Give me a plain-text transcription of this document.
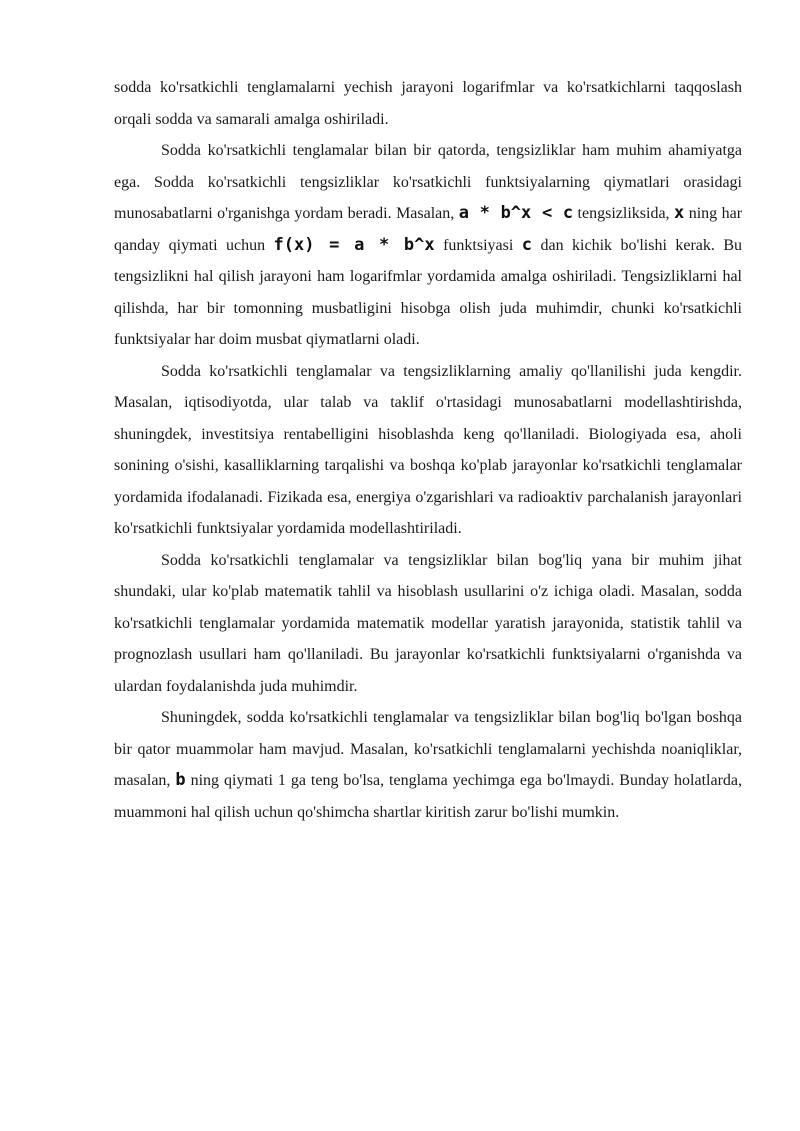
sodda ko'rsatkichli tenglamalarni yechish jarayoni logarifmlar va ko'rsatkichlarni taqqoslash orqali sodda va samarali amalga oshiriladi.

Sodda ko'rsatkichli tenglamalar bilan bir qatorda, tengsizliklar ham muhim ahamiyatga ega. Sodda ko'rsatkichli tengsizliklar ko'rsatkichli funktsiyalarning qiymatlari orasidagi munosabatlarni o'rganishga yordam beradi. Masalan, a * b^x < c tengsizliksida, x ning har qanday qiymati uchun f(x) = a * b^x funktsiyasi c dan kichik bo'lishi kerak. Bu tengsizlikni hal qilish jarayoni ham logarifmlar yordamida amalga oshiriladi. Tengsizliklarni hal qilishda, har bir tomonning musbatligini hisobga olish juda muhimdir, chunki ko'rsatkichli funktsiyalar har doim musbat qiymatlarni oladi.

Sodda ko'rsatkichli tenglamalar va tengsizliklarning amaliy qo'llanilishi juda kengdir. Masalan, iqtisodiyotda, ular talab va taklif o'rtasidagi munosabatlarni modellashtirishda, shuningdek, investitsiya rentabelligini hisoblashda keng qo'llaniladi. Biologiyada esa, aholi sonining o'sishi, kasalliklarning tarqalishi va boshqa ko'plab jarayonlar ko'rsatkichli tenglamalar yordamida ifodalanadi. Fizikada esa, energiya o'zgarishlari va radioaktiv parchalanish jarayonlari ko'rsatkichli funktsiyalar yordamida modellashtiriladi.

Sodda ko'rsatkichli tenglamalar va tengsizliklar bilan bog'liq yana bir muhim jihat shundaki, ular ko'plab matematik tahlil va hisoblash usullarini o'z ichiga oladi. Masalan, sodda ko'rsatkichli tenglamalar yordamida matematik modellar yaratish jarayonida, statistik tahlil va prognozlash usullari ham qo'llaniladi. Bu jarayonlar ko'rsatkichli funktsiyalarni o'rganishda va ulardan foydalanishda juda muhimdir.

Shuningdek, sodda ko'rsatkichli tenglamalar va tengsizliklar bilan bog'liq bo'lgan boshqa bir qator muammolar ham mavjud. Masalan, ko'rsatkichli tenglamalarni yechishda noaniqliklar, masalan, b ning qiymati 1 ga teng bo'lsa, tenglama yechimga ega bo'lmaydi. Bunday holatlarda, muammoni hal qilish uchun qo'shimcha shartlar kiritish zarur bo'lishi mumkin.
